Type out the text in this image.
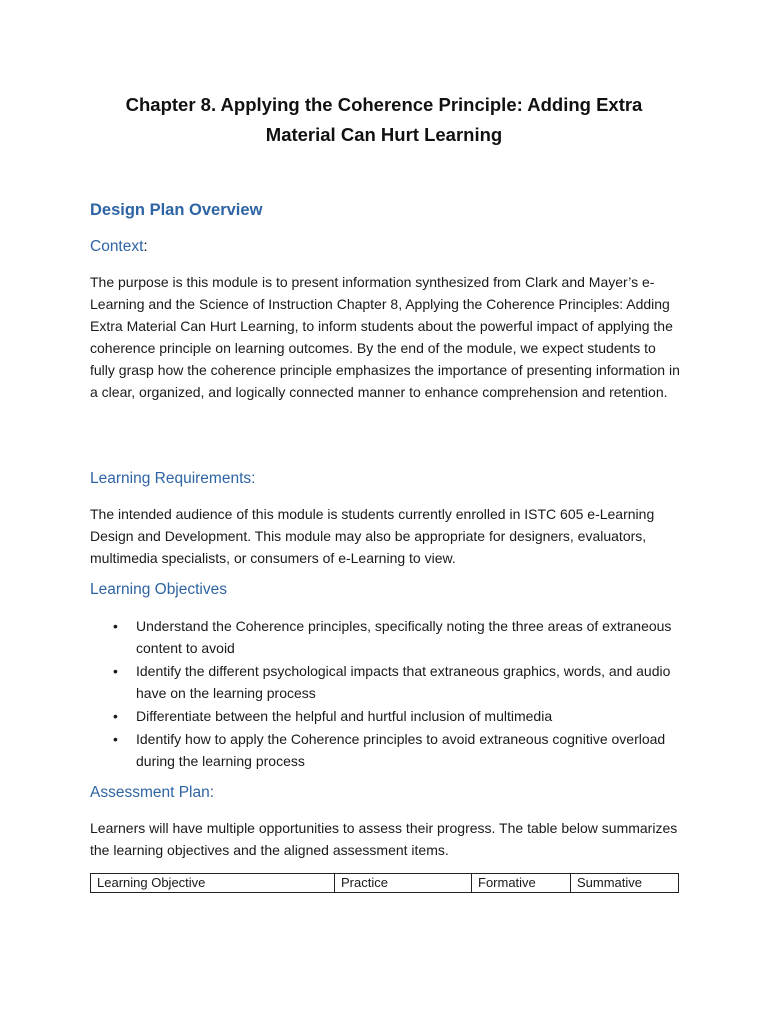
Chapter 8. Applying the Coherence Principle: Adding Extra Material Can Hurt Learning
Design Plan Overview
Context:

The purpose is this module is to present information synthesized from Clark and Mayer’s e-Learning and the Science of Instruction Chapter 8, Applying the Coherence Principles: Adding Extra Material Can Hurt Learning, to inform students about the powerful impact of applying the coherence principle on learning outcomes. By the end of the module, we expect students to fully grasp how the coherence principle emphasizes the importance of presenting information in a clear, organized, and logically connected manner to enhance comprehension and retention.

Learning Requirements:

The intended audience of this module is students currently enrolled in ISTC 605 e-Learning Design and Development. This module may also be appropriate for designers, evaluators, multimedia specialists, or consumers of e-Learning to view.

Learning Objectives
• Understand the Coherence principles, specifically noting the three areas of extraneous content to avoid
• Identify the different psychological impacts that extraneous graphics, words, and audio have on the learning process
• Differentiate between the helpful and hurtful inclusion of multimedia
• Identify how to apply the Coherence principles to avoid extraneous cognitive overload during the learning process
Assessment Plan:

Learners will have multiple opportunities to assess their progress. The table below summarizes the learning objectives and the aligned assessment items.

Learning Objective	Practice	Formative	Summative
